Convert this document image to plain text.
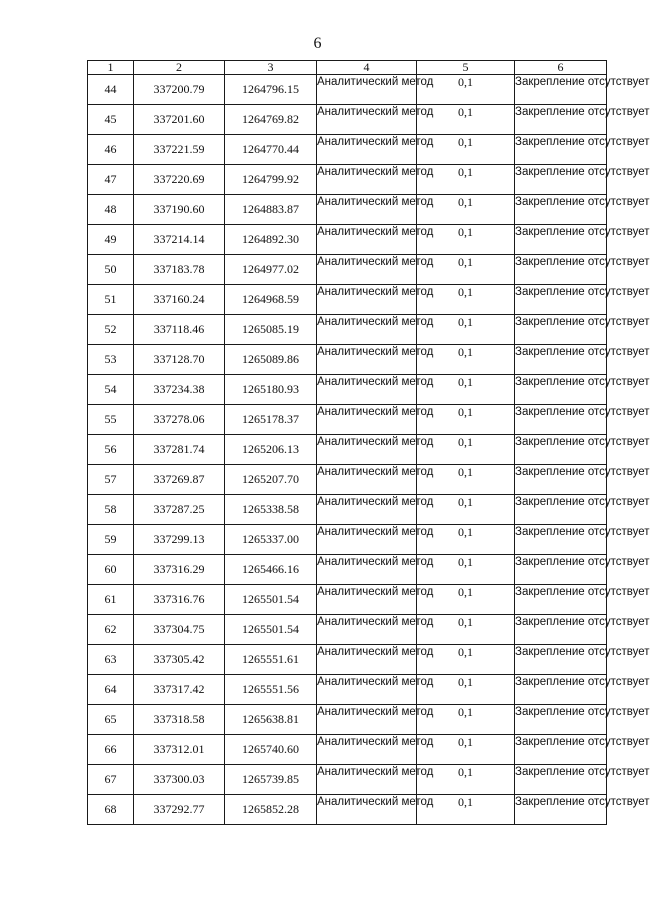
6
1	2	3	4	5	6
44	337200.79	1264796.15	Аналитический метод	0,1	Закрепление отсутствует
45	337201.60	1264769.82	Аналитический метод	0,1	Закрепление отсутствует
46	337221.59	1264770.44	Аналитический метод	0,1	Закрепление отсутствует
47	337220.69	1264799.92	Аналитический метод	0,1	Закрепление отсутствует
48	337190.60	1264883.87	Аналитический метод	0,1	Закрепление отсутствует
49	337214.14	1264892.30	Аналитический метод	0,1	Закрепление отсутствует
50	337183.78	1264977.02	Аналитический метод	0,1	Закрепление отсутствует
51	337160.24	1264968.59	Аналитический метод	0,1	Закрепление отсутствует
52	337118.46	1265085.19	Аналитический метод	0,1	Закрепление отсутствует
53	337128.70	1265089.86	Аналитический метод	0,1	Закрепление отсутствует
54	337234.38	1265180.93	Аналитический метод	0,1	Закрепление отсутствует
55	337278.06	1265178.37	Аналитический метод	0,1	Закрепление отсутствует
56	337281.74	1265206.13	Аналитический метод	0,1	Закрепление отсутствует
57	337269.87	1265207.70	Аналитический метод	0,1	Закрепление отсутствует
58	337287.25	1265338.58	Аналитический метод	0,1	Закрепление отсутствует
59	337299.13	1265337.00	Аналитический метод	0,1	Закрепление отсутствует
60	337316.29	1265466.16	Аналитический метод	0,1	Закрепление отсутствует
61	337316.76	1265501.54	Аналитический метод	0,1	Закрепление отсутствует
62	337304.75	1265501.54	Аналитический метод	0,1	Закрепление отсутствует
63	337305.42	1265551.61	Аналитический метод	0,1	Закрепление отсутствует
64	337317.42	1265551.56	Аналитический метод	0,1	Закрепление отсутствует
65	337318.58	1265638.81	Аналитический метод	0,1	Закрепление отсутствует
66	337312.01	1265740.60	Аналитический метод	0,1	Закрепление отсутствует
67	337300.03	1265739.85	Аналитический метод	0,1	Закрепление отсутствует
68	337292.77	1265852.28	Аналитический метод	0,1	Закрепление отсутствует
